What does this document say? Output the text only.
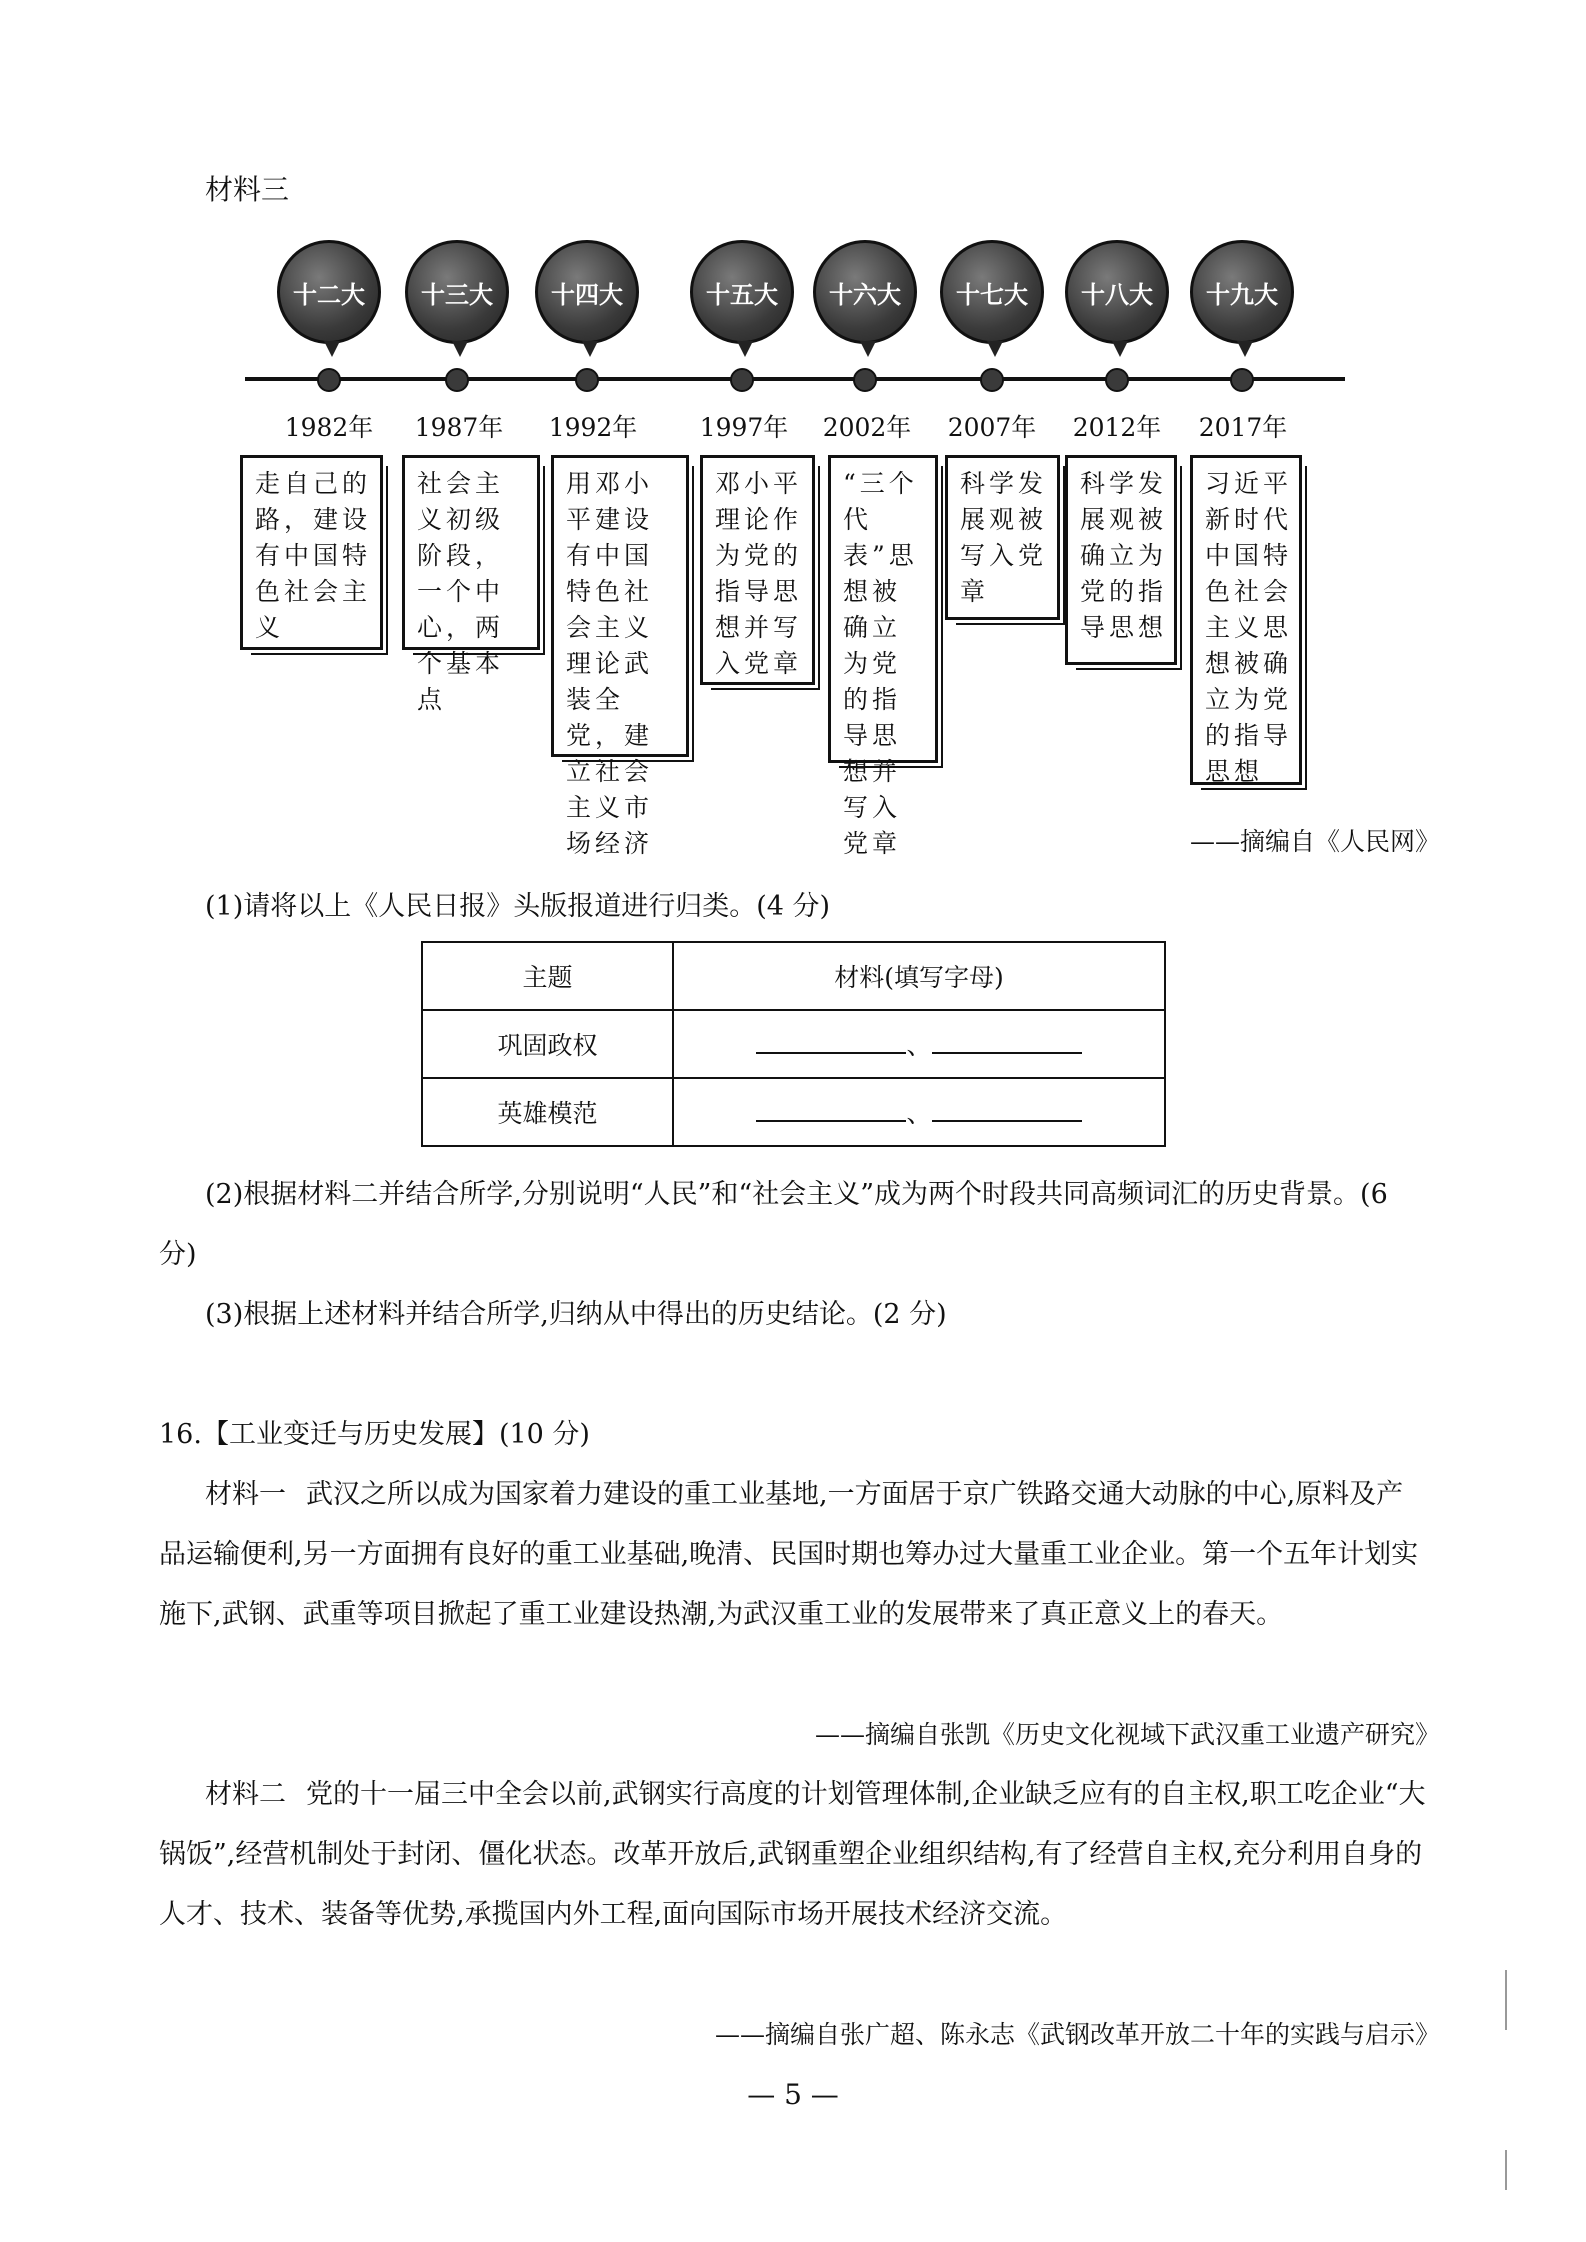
材料三
十二大
1982年
走自己的路，建设有中国特色社会主义
十三大
1987年
社会主义初级阶段，一个中心，两个基本点
十四大
1992年
用邓小平建设有中国特色社会主义理论武装全党，建立社会主义市场经济
十五大
1997年
邓小平理论作为党的指导思想并写入党章
十六大
2002年
“三个代表”思想被确立为党的指导思想并写入党章
十七大
2007年
科学发展观被写入党章
十八大
2012年
科学发展观被确立为党的指导思想
十九大
2017年
习近平新时代中国特色社会主义思想被确立为党的指导思想
——摘编自《人民网》
(1)请将以上《人民日报》头版报道进行归类。(4 分)
主题	材料(填写字母)
巩固政权	、
英雄模范	、
(2)根据材料二并结合所学,分别说明“人民”和“社会主义”成为两个时段共同高频词汇的历史背景。(6 分)
(3)根据上述材料并结合所学,归纳从中得出的历史结论。(2 分)
16.【工业变迁与历史发展】(10 分)
材料一 武汉之所以成为国家着力建设的重工业基地,一方面居于京广铁路交通大动脉的中心,原料及产品运输便利,另一方面拥有良好的重工业基础,晚清、民国时期也筹办过大量重工业企业。第一个五年计划实施下,武钢、武重等项目掀起了重工业建设热潮,为武汉重工业的发展带来了真正意义上的春天。
——摘编自张凯《历史文化视域下武汉重工业遗产研究》
材料二 党的十一届三中全会以前,武钢实行高度的计划管理体制,企业缺乏应有的自主权,职工吃企业“大锅饭”,经营机制处于封闭、僵化状态。改革开放后,武钢重塑企业组织结构,有了经营自主权,充分利用自身的人才、技术、装备等优势,承揽国内外工程,面向国际市场开展技术经济交流。
——摘编自张广超、陈永志《武钢改革开放二十年的实践与启示》
— 5 —
